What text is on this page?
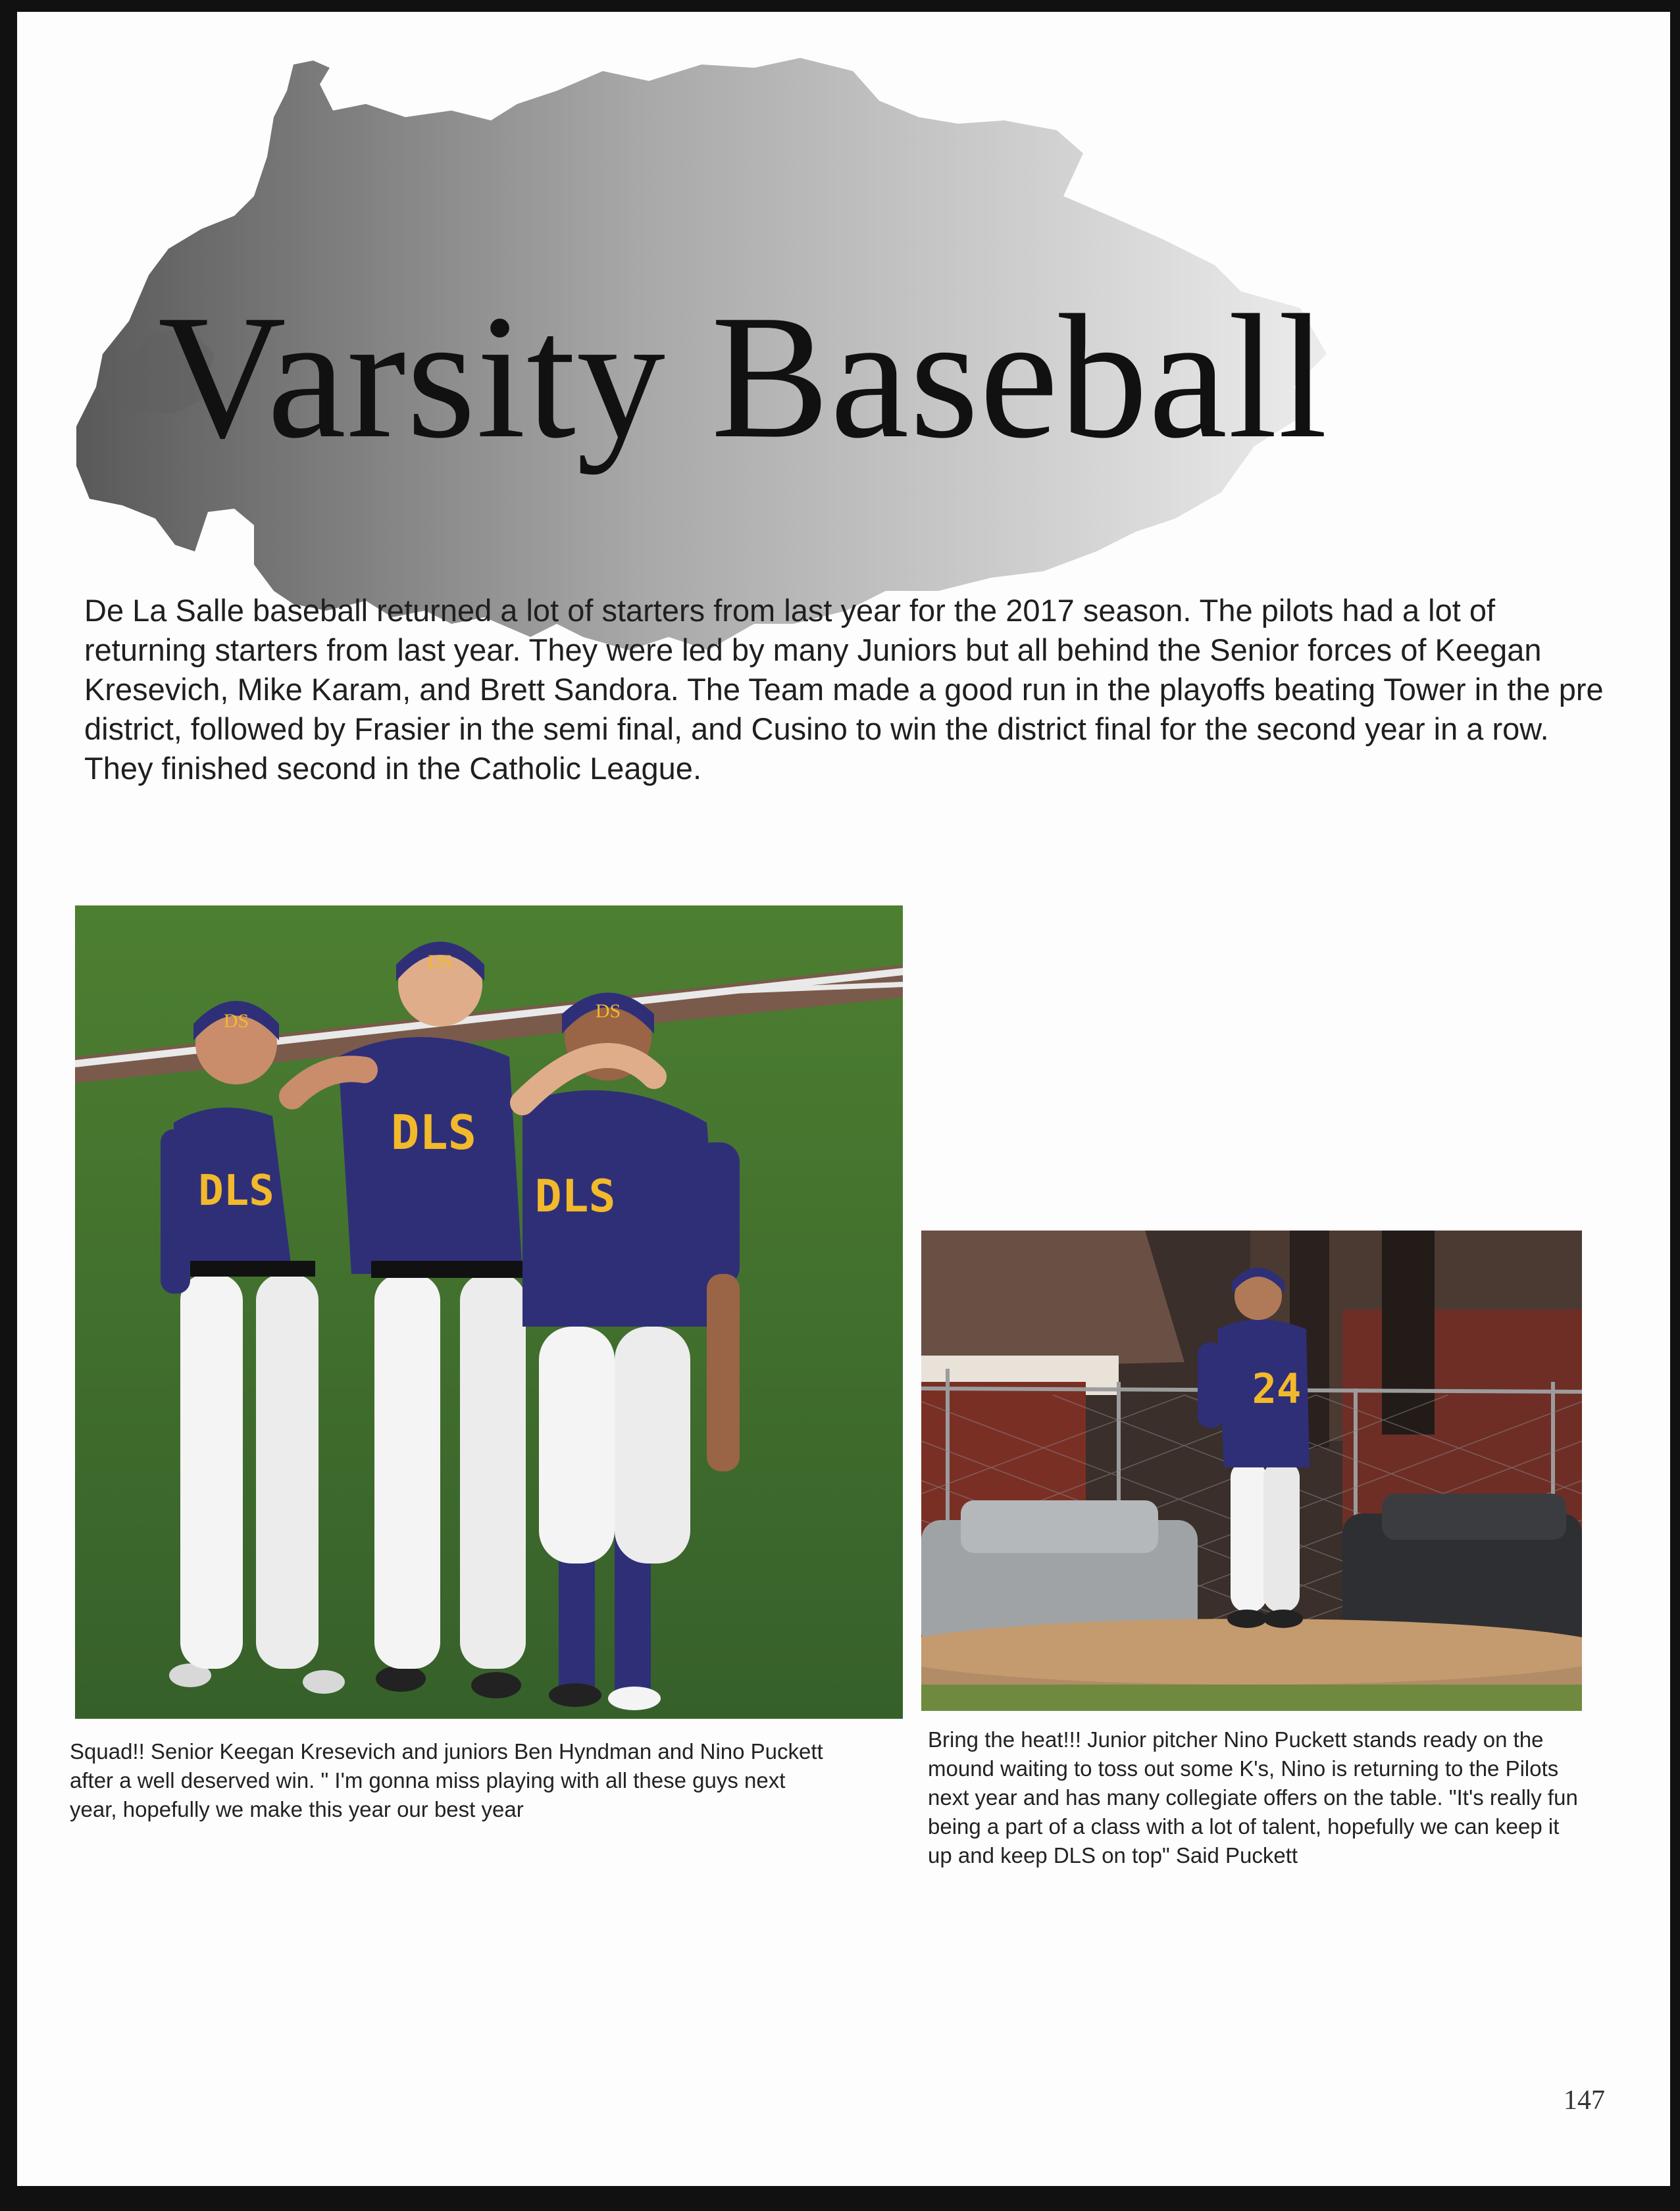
Varsity Baseball

De La Salle baseball returned a lot of starters from last year for the 2017 season. The pilots had a lot of returning starters from last year. They were led by many Juniors but all behind the Senior forces of Keegan Kresevich, Mike Karam, and Brett Sandora. The Team made a good run in the playoffs beating Tower in the pre district, followed by Frasier in the semi final, and Cusino to win the district final for the second year in a row. They finished second in the Catholic League.

DS
DLS
DS
DLS
DS
DLS
24

Squad!! Senior Keegan Kresevich and juniors Ben Hyndman and Nino Puckett after a well deserved win. " I'm gonna miss playing with all these guys next year, hopefully we make this year our best year

Bring the heat!!! Junior pitcher Nino Puckett stands ready on the mound waiting to toss out some K's, Nino is returning to the Pilots next year and has many collegiate offers on the table. "It's really fun being a part of a class with a lot of talent, hopefully we can keep it up and keep DLS on top" Said Puckett

147
